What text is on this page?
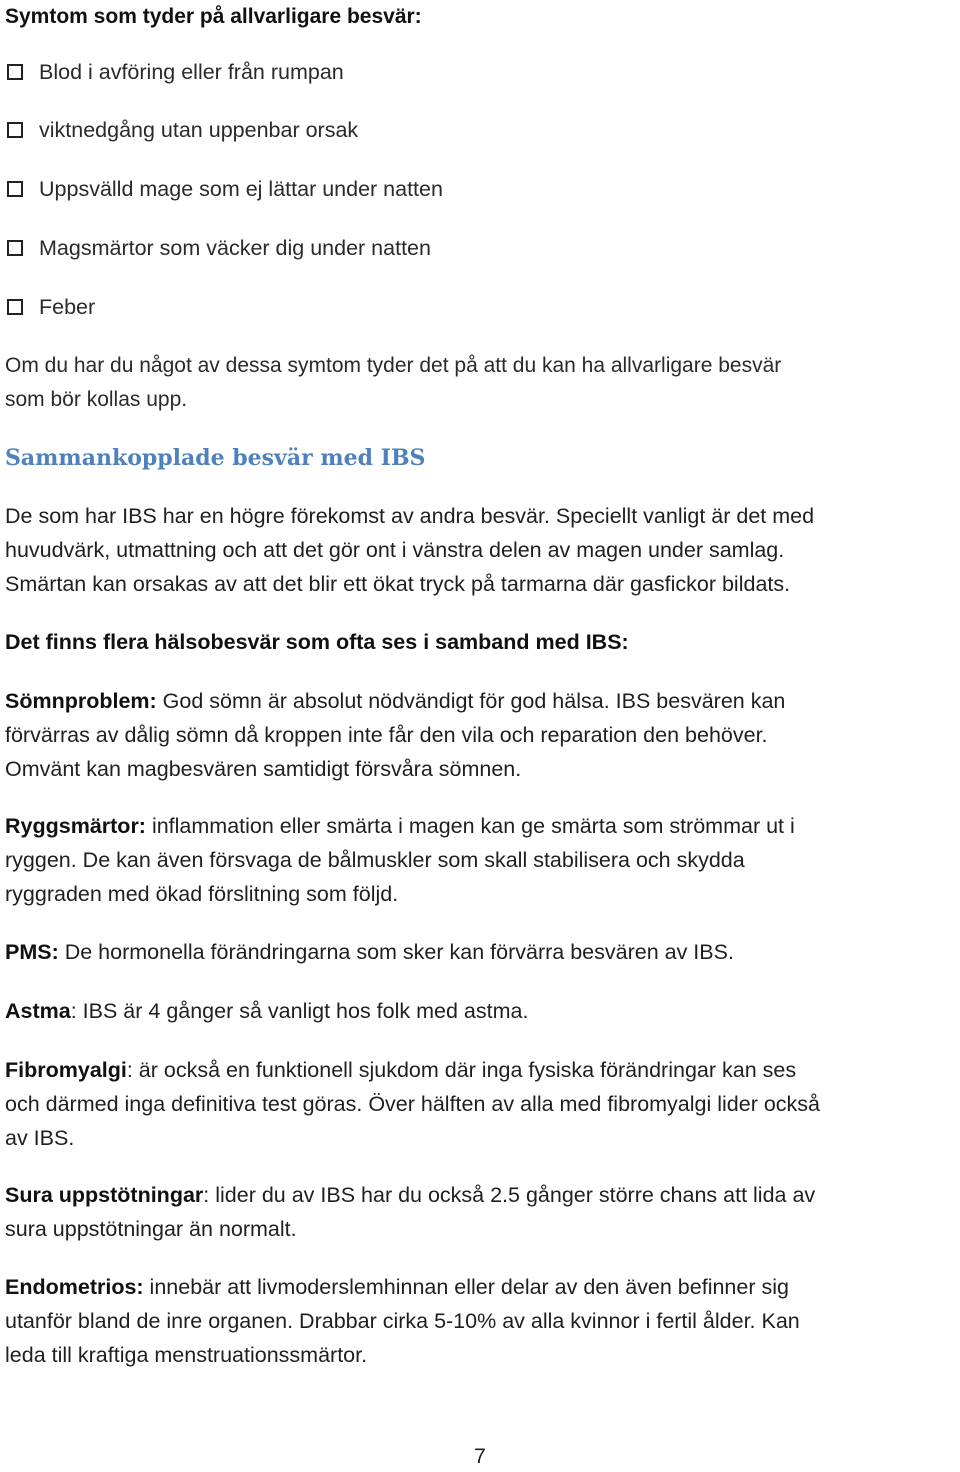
Symtom som tyder på allvarligare besvär:
Blod i avföring eller från rumpan
viktnedgång utan uppenbar orsak
Uppsvälld mage som ej lättar under natten
Magsmärtor som väcker dig under natten
Feber
Om du har du något av dessa symtom tyder det på att du kan ha allvarligare besvär
som bör kollas upp.
Sammankopplade besvär med IBS
De som har IBS har en högre förekomst av andra besvär. Speciellt vanligt är det med
huvudvärk, utmattning och att det gör ont i vänstra delen av magen under samlag.
Smärtan kan orsakas av att det blir ett ökat tryck på tarmarna där gasfickor bildats.
Det finns flera hälsobesvär som ofta ses i samband med IBS:
Sömnproblem: God sömn är absolut nödvändigt för god hälsa. IBS besvären kan
förvärras av dålig sömn då kroppen inte får den vila och reparation den behöver.
Omvänt kan magbesvären samtidigt försvåra sömnen.
Ryggsmärtor: inflammation eller smärta i magen kan ge smärta som strömmar ut i
ryggen. De kan även försvaga de bålmuskler som skall stabilisera och skydda
ryggraden med ökad förslitning som följd.
PMS: De hormonella förändringarna som sker kan förvärra besvären av IBS.
Astma: IBS är 4 gånger så vanligt hos folk med astma.
Fibromyalgi: är också en funktionell sjukdom där inga fysiska förändringar kan ses
och därmed inga definitiva test göras. Över hälften av alla med fibromyalgi lider också
av IBS.
Sura uppstötningar: lider du av IBS har du också 2.5 gånger större chans att lida av
sura uppstötningar än normalt.
Endometrios: innebär att livmoderslemhinnan eller delar av den även befinner sig
utanför bland de inre organen. Drabbar cirka 5-10% av alla kvinnor i fertil ålder. Kan
leda till kraftiga menstruationssmärtor.
7
